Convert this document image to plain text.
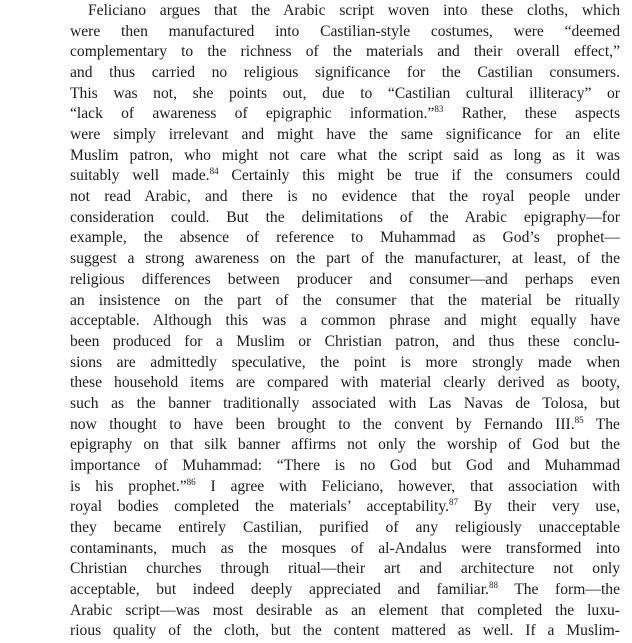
Feliciano argues that the Arabic script woven into these cloths, which
were then manufactured into Castilian-style costumes, were “deemed
complementary to the richness of the materials and their overall effect,”
and thus carried no religious significance for the Castilian consumers.
This was not, she points out, due to “Castilian cultural illiteracy” or
“lack of awareness of epigraphic information.”$^{83}$ Rather, these aspects
were simply irrelevant and might have the same significance for an elite
Muslim patron, who might not care what the script said as long as it was
suitably well made.$^{84}$ Certainly this might be true if the consumers could
not read Arabic, and there is no evidence that the royal people under
consideration could. But the delimitations of the Arabic epigraphy—for
example, the absence of reference to Muhammad as God’s prophet—
suggest a strong awareness on the part of the manufacturer, at least, of the
religious differences between producer and consumer—and perhaps even
an insistence on the part of the consumer that the material be ritually
acceptable. Although this was a common phrase and might equally have
been produced for a Muslim or Christian patron, and thus these conclu-
sions are admittedly speculative, the point is more strongly made when
these household items are compared with material clearly derived as booty,
such as the banner traditionally associated with Las Navas de Tolosa, but
now thought to have been brought to the convent by Fernando III.$^{85}$ The
epigraphy on that silk banner affirms not only the worship of God but the
importance of Muhammad: “There is no God but God and Muhammad
is his prophet.”$^{86}$ I agree with Feliciano, however, that association with
royal bodies completed the materials’ acceptability.$^{87}$ By their very use,
they became entirely Castilian, purified of any religiously unacceptable
contaminants, much as the mosques of al-Andalus were transformed into
Christian churches through ritual—their art and architecture not only
acceptable, but indeed deeply appreciated and familiar.$^{88}$ The form—the
Arabic script—was most desirable as an element that completed the luxu-
rious quality of the cloth, but the content mattered as well. If a Muslim-
